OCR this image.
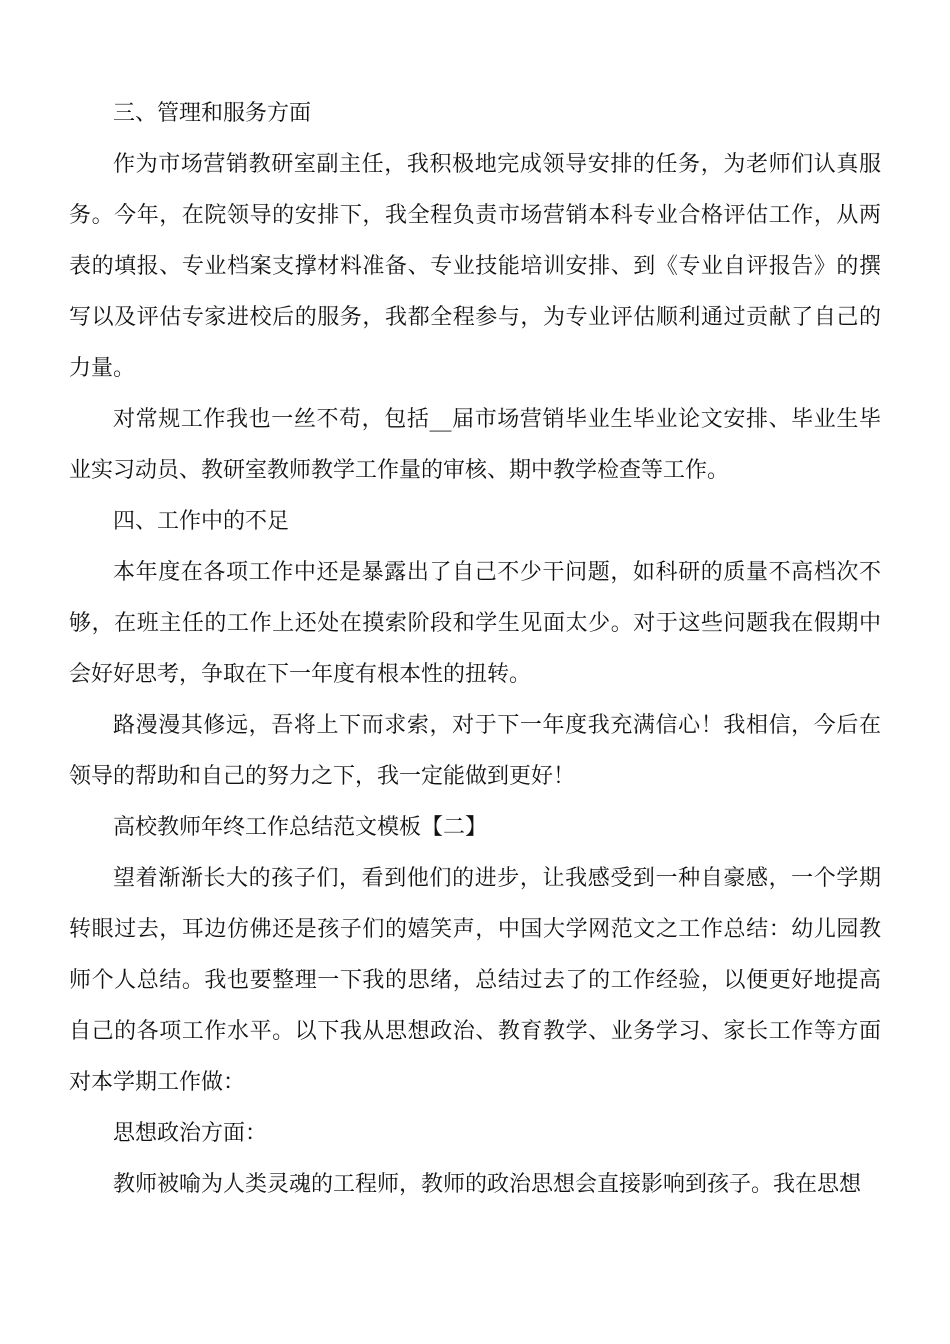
三、管理和服务方面

作为市场营销教研室副主任，我积极地完成领导安排的任务，为老师们认真服务。今年，在院领导的安排下，我全程负责市场营销本科专业合格评估工作，从两表的填报、专业档案支撑材料准备、专业技能培训安排、到《专业自评报告》的撰写以及评估专家进校后的服务，我都全程参与，为专业评估顺利通过贡献了自己的力量。

对常规工作我也一丝不苟，包括__届市场营销毕业生毕业论文安排、毕业生毕业实习动员、教研室教师教学工作量的审核、期中教学检查等工作。

四、工作中的不足

本年度在各项工作中还是暴露出了自己不少干问题，如科研的质量不高档次不够，在班主任的工作上还处在摸索阶段和学生见面太少。对于这些问题我在假期中会好好思考，争取在下一年度有根本性的扭转。

路漫漫其修远，吾将上下而求索，对于下一年度我充满信心！我相信，今后在领导的帮助和自己的努力之下，我一定能做到更好！

高校教师年终工作总结范文模板【二】

望着渐渐长大的孩子们，看到他们的进步，让我感受到一种自豪感，一个学期转眼过去，耳边仿佛还是孩子们的嬉笑声，中国大学网范文之工作总结：幼儿园教师个人总结。我也要整理一下我的思绪，总结过去了的工作经验，以便更好地提高自己的各项工作水平。以下我从思想政治、教育教学、业务学习、家长工作等方面对本学期工作做：

思想政治方面：

教师被喻为人类灵魂的工程师，教师的政治思想会直接影响到孩子。我在思想
